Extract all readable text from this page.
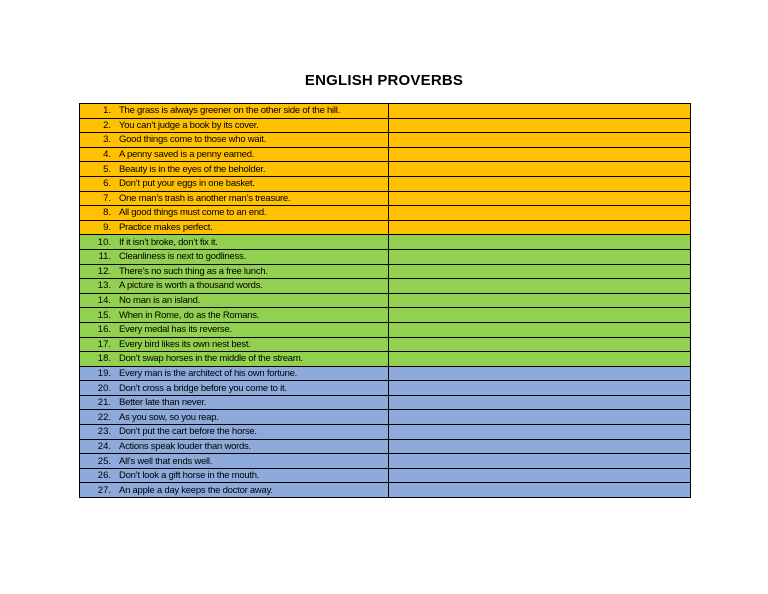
ENGLISH PROVERBS
1. The grass is always greener on the other side of the hill.	
2. You can’t judge a book by its cover.	
3. Good things come to those who wait.	
4. A penny saved is a penny earned.	
5. Beauty is in the eyes of the beholder.	
6. Don’t put your eggs in one basket.	
7. One man’s trash is another man’s treasure.	
8. All good things must come to an end.	
9. Practice makes perfect.	
10. If it isn’t broke, don’t fix it.	
11. Cleanliness is next to godliness.	
12. There’s no such thing as a free lunch.	
13. A picture is worth a thousand words.	
14. No man is an island.	
15. When in Rome, do as the Romans.	
16. Every medal has its reverse.	
17. Every bird likes its own nest best.	
18. Don’t swap horses in the middle of the stream.	
19. Every man is the architect of his own fortune.	
20. Don’t cross a bridge before you come to it.	
21. Better late than never.	
22. As you sow, so you reap.	
23. Don’t put the cart before the horse.	
24. Actions speak louder than words.	
25. All’s well that ends well.	
26. Don’t look a gift horse in the mouth.	
27. An apple a day keeps the doctor away.	
